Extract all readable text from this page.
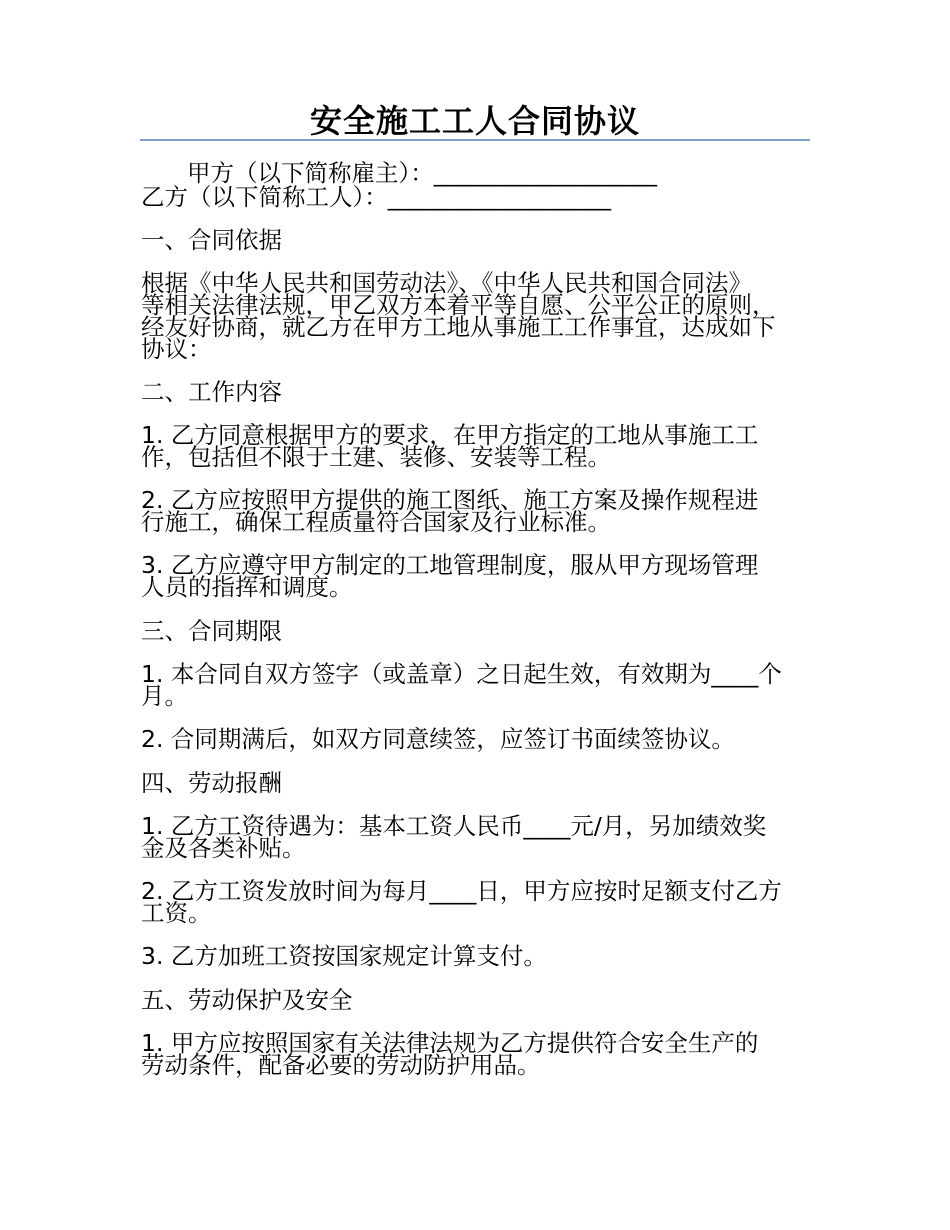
安全施工工人合同协议
甲方（以下简称雇主）：___________________
乙方（以下简称工人）：___________________
一、合同依据
根据《中华人民共和国劳动法》、《中华人民共和国合同法》
等相关法律法规，甲乙双方本着平等自愿、公平公正的原则，
经友好协商，就乙方在甲方工地从事施工工作事宜，达成如下
协议：
二、工作内容
1. 乙方同意根据甲方的要求，在甲方指定的工地从事施工工
作，包括但不限于土建、装修、安装等工程。
2. 乙方应按照甲方提供的施工图纸、施工方案及操作规程进
行施工，确保工程质量符合国家及行业标准。
3. 乙方应遵守甲方制定的工地管理制度，服从甲方现场管理
人员的指挥和调度。
三、合同期限
1. 本合同自双方签字（或盖章）之日起生效，有效期为____个
月。
2. 合同期满后，如双方同意续签，应签订书面续签协议。
四、劳动报酬
1. 乙方工资待遇为：基本工资人民币____元/月，另加绩效奖
金及各类补贴。
2. 乙方工资发放时间为每月____日，甲方应按时足额支付乙方
工资。
3. 乙方加班工资按国家规定计算支付。
五、劳动保护及安全
1. 甲方应按照国家有关法律法规为乙方提供符合安全生产的
劳动条件，配备必要的劳动防护用品。
